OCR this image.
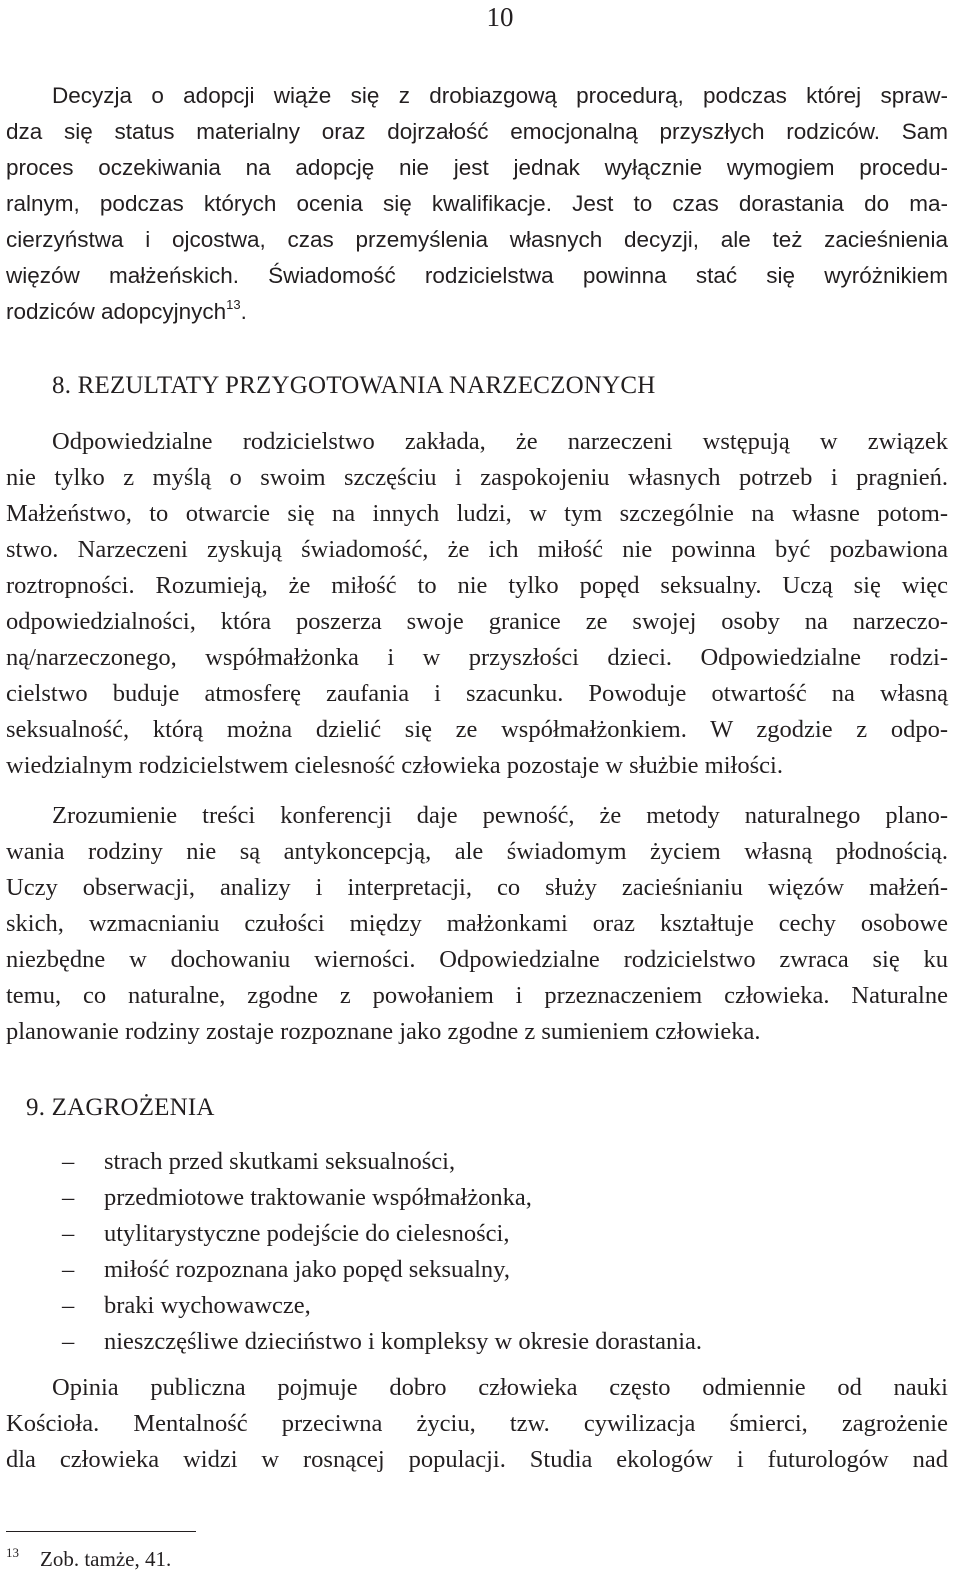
10
Decyzja o adopcji wiąże się z drobiazgową procedurą, podczas której spraw-
dza się status materialny oraz dojrzałość emocjonalną przyszłych rodziców. Sam
proces oczekiwania na adopcję nie jest jednak wyłącznie wymogiem procedu-
ralnym, podczas których ocenia się kwalifikacje. Jest to czas dorastania do ma-
cierzyństwa i ojcostwa, czas przemyślenia własnych decyzji, ale też zacieśnienia
więzów małżeńskich. Świadomość rodzicielstwa powinna stać się wyróżnikiem
rodziców adopcyjnych$^{13}$.
8. REZULTATY PRZYGOTOWANIA NARZECZONYCH
Odpowiedzialne rodzicielstwo zakłada, że narzeczeni wstępują w związek
nie tylko z myślą o swoim szczęściu i zaspokojeniu własnych potrzeb i pragnień.
Małżeństwo, to otwarcie się na innych ludzi, w tym szczególnie na własne potom-
stwo. Narzeczeni zyskują świadomość, że ich miłość nie powinna być pozbawiona
roztropności. Rozumieją, że miłość to nie tylko popęd seksualny. Uczą się więc
odpowiedzialności, która poszerza swoje granice ze swojej osoby na narzeczo-
ną/narzeczonego, współmałżonka i w przyszłości dzieci. Odpowiedzialne rodzi-
cielstwo buduje atmosferę zaufania i szacunku. Powoduje otwartość na własną
seksualność, którą można dzielić się ze współmałżonkiem. W zgodzie z odpo-
wiedzialnym rodzicielstwem cielesność człowieka pozostaje w służbie miłości.
Zrozumienie treści konferencji daje pewność, że metody naturalnego plano-
wania rodziny nie są antykoncepcją, ale świadomym życiem własną płodnością.
Uczy obserwacji, analizy i interpretacji, co służy zacieśnianiu więzów małżeń-
skich, wzmacnianiu czułości między małżonkami oraz kształtuje cechy osobowe
niezbędne w dochowaniu wierności. Odpowiedzialne rodzicielstwo zwraca się ku
temu, co naturalne, zgodne z powołaniem i przeznaczeniem człowieka. Naturalne
planowanie rodziny zostaje rozpoznane jako zgodne z sumieniem człowieka.
9. ZAGROŻENIA
– strach przed skutkami seksualności,
– przedmiotowe traktowanie współmałżonka,
– utylitarystyczne podejście do cielesności,
– miłość rozpoznana jako popęd seksualny,
– braki wychowawcze,
– nieszczęśliwe dzieciństwo i kompleksy w okresie dorastania.
Opinia publiczna pojmuje dobro człowieka często odmiennie od nauki
Kościoła. Mentalność przeciwna życiu, tzw. cywilizacja śmierci, zagrożenie
dla człowieka widzi w rosnącej populacji. Studia ekologów i futurologów nad
13 Zob. tamże, 41.
